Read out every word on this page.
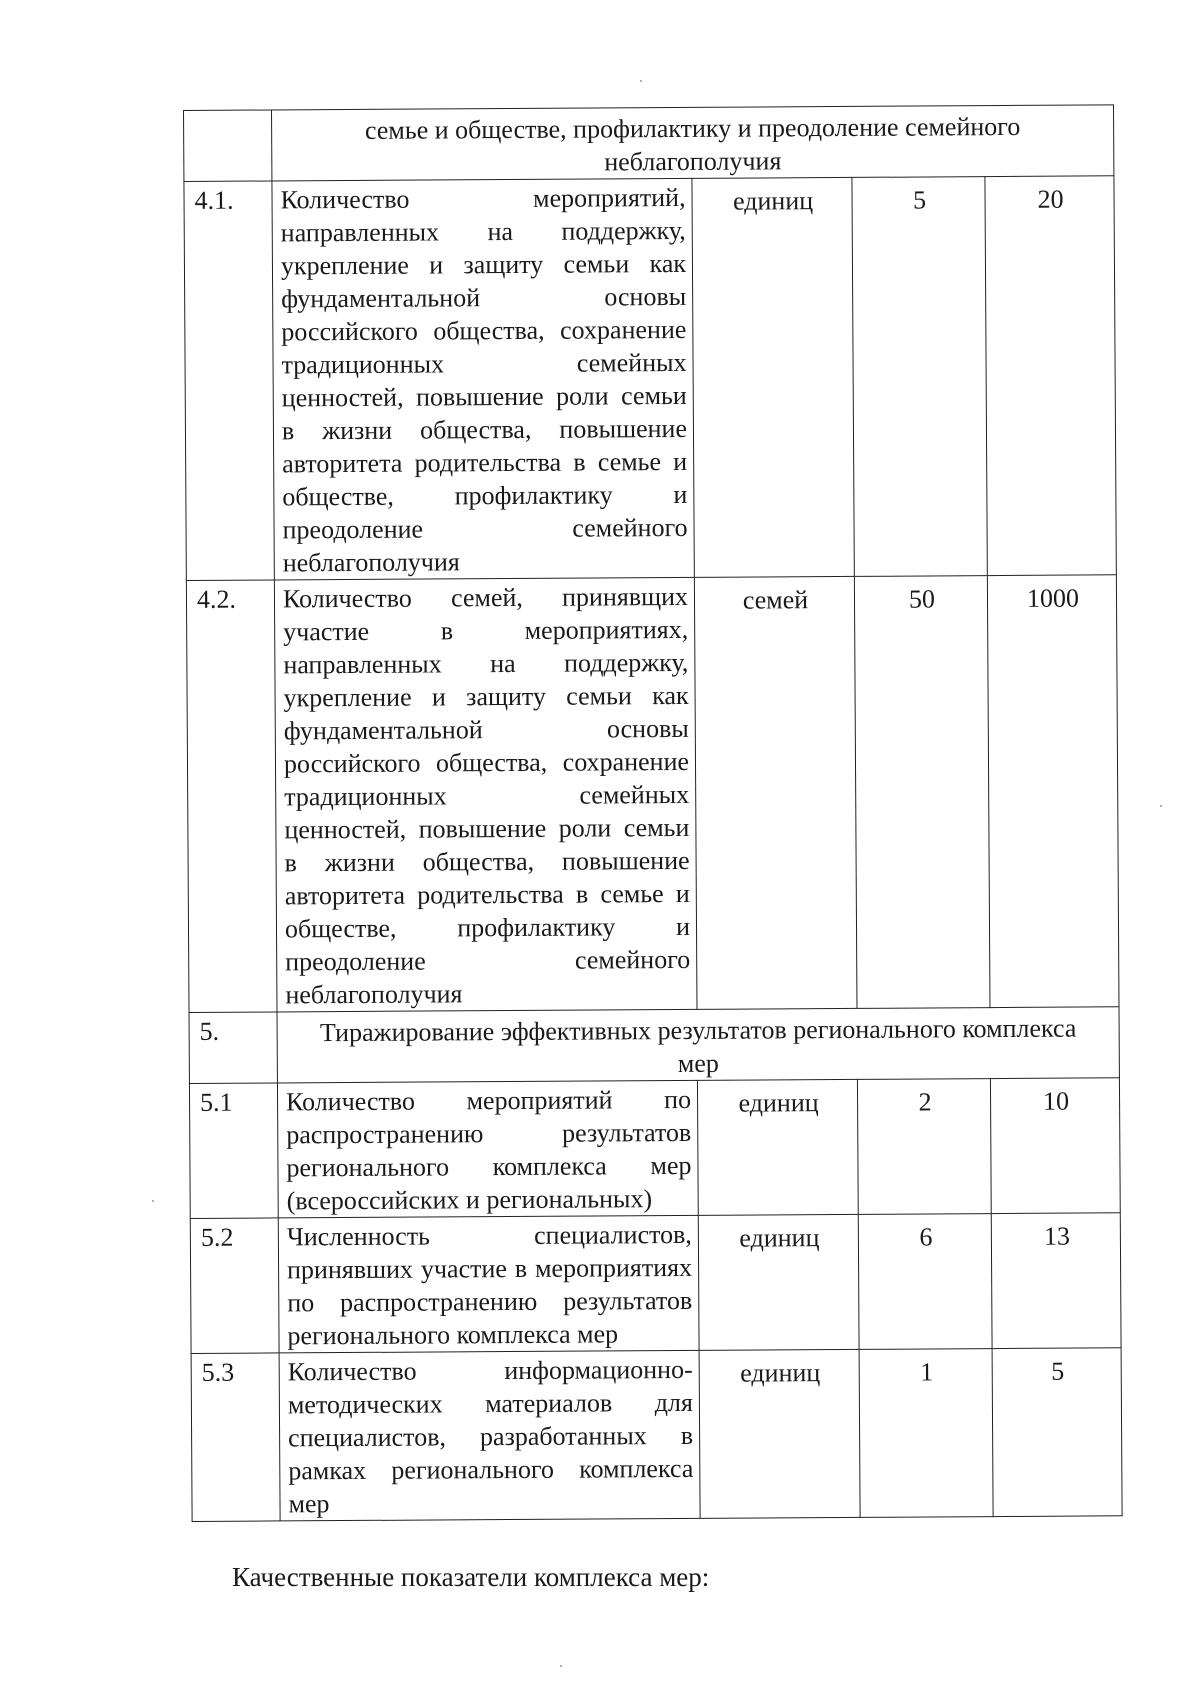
	семье и обществе, профилактику и преодоление семейного неблагополучия			
4.1.	Количество мероприятий, направленных на поддержку, укрепление и защиту семьи как фундаментальной основы российского общества, сохранение традиционных семейных ценностей, повышение роли семьи в жизни общества, повышение авторитета родительства в семье и обществе, профилактику и преодоление семейного неблагополучия	единиц	5	20
4.2.	Количество семей, принявщих участие в мероприятиях, направленных на поддержку, укрепление и защиту семьи как фундаментальной основы российского общества, сохранение традиционных семейных ценностей, повышение роли семьи в жизни общества, повышение авторитета родительства в семье и обществе, профилактику и преодоление семейного неблагополучия	семей	50	1000
5.	Тиражирование эффективных результатов регионального комплекса мер			
5.1	Количество мероприятий по распространению результатов регионального комплекса мер (всероссийских и региональных)	единиц	2	10
5.2	Численность специалистов, принявших участие в мероприятиях по распространению результатов регионального комплекса мер	единиц	6	13
5.3	Количество информационно-методических материалов для специалистов, разработанных в рамках регионального комплекса мер	единиц	1	5
Качественные показатели комплекса мер:
